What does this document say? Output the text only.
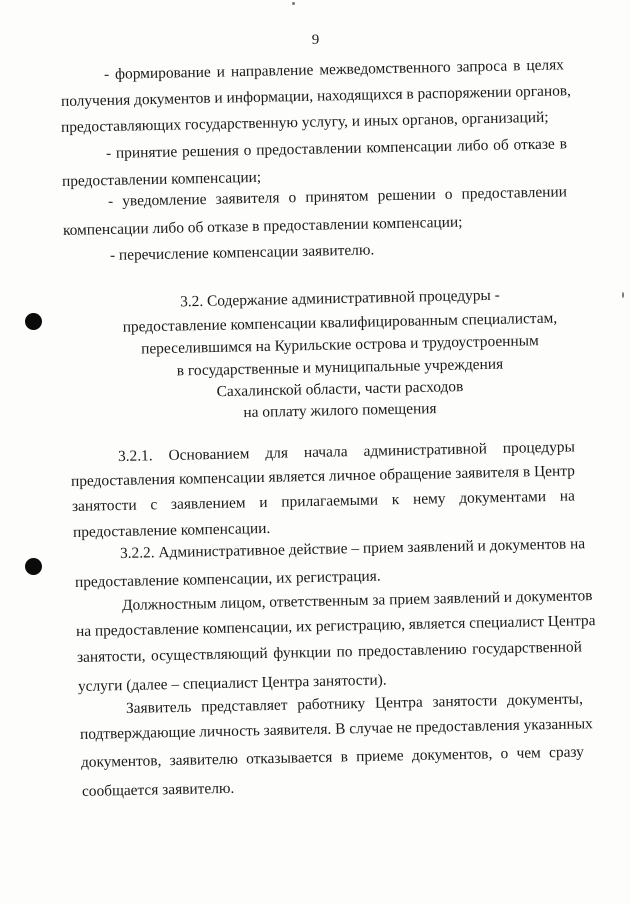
9
- формирование и направление межведомственного запроса в целях
получения документов и информации, находящихся в распоряжении органов,
предоставляющих государственную услугу, и иных органов, организаций;
- принятие решения о предоставлении компенсации либо об отказе в
предоставлении компенсации;
- уведомление заявителя о принятом решении о предоставлении
компенсации либо об отказе в предоставлении компенсации;
- перечисление компенсации заявителю.
3.2. Содержание административной процедуры -
предоставление компенсации квалифицированным специалистам,
переселившимся на Курильские острова и трудоустроенным
в государственные и муниципальные учреждения
Сахалинской области, части расходов
на оплату жилого помещения
3.2.1. Основанием для начала административной процедуры
предоставления компенсации является личное обращение заявителя в Центр
занятости с заявлением и прилагаемыми к нему документами на
предоставление компенсации.
3.2.2. Административное действие – прием заявлений и документов на
предоставление компенсации, их регистрация.
Должностным лицом, ответственным за прием заявлений и документов
на предоставление компенсации, их регистрацию, является специалист Центра
занятости, осуществляющий функции по предоставлению государственной
услуги (далее – специалист Центра занятости).
Заявитель представляет работнику Центра занятости документы,
подтверждающие личность заявителя. В случае не предоставления указанных
документов, заявителю отказывается в приеме документов, о чем сразу
сообщается заявителю.
